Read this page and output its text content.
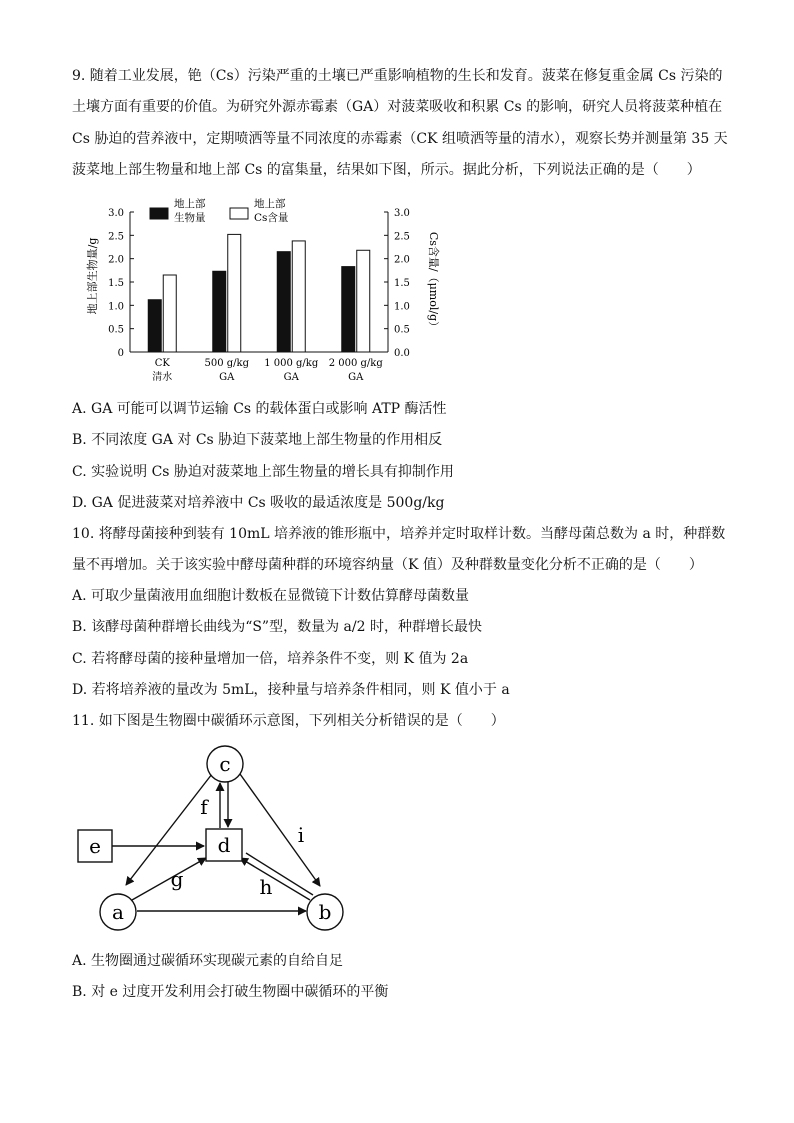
9. 随着工业发展，铯（Cs）污染严重的土壤已严重影响植物的生长和发育。菠菜在修复重金属 Cs 污染的
土壤方面有重要的价值。为研究外源赤霉素（GA）对菠菜吸收和积累 Cs 的影响，研究人员将菠菜种植在
Cs 胁迫的营养液中，定期喷洒等量不同浓度的赤霉素（CK 组喷洒等量的清水），观察长势并测量第 35 天
菠菜地上部生物量和地上部 Cs 的富集量，结果如下图，所示。据此分析，下列说法正确的是（　　）
0	0.0
0.5	0.5
1.0	1.0
1.5	1.5
2.0	2.0
2.5	2.5
3.0	3.0
CK
清水
500 g/kg
GA
1 000 g/kg
GA
2 000 g/kg
GA
地上部
生物量
地上部
Cs含量
地上部生物量/g	Cs含量/（μmol/g）
A. GA 可能可以调节运输 Cs 的载体蛋白或影响 ATP 酶活性
B. 不同浓度 GA 对 Cs 胁迫下菠菜地上部生物量的作用相反
C. 实验说明 Cs 胁迫对菠菜地上部生物量的增长具有抑制作用
D. GA 促进菠菜对培养液中 Cs 吸收的最适浓度是 500g/kg
10. 将酵母菌接种到装有 10mL 培养液的锥形瓶中，培养并定时取样计数。当酵母菌总数为 a 时，种群数
量不再增加。关于该实验中酵母菌种群的环境容纳量（K 值）及种群数量变化分析不正确的是（　　）
A. 可取少量菌液用血细胞计数板在显微镜下计数估算酵母菌数量
B. 该酵母菌种群增长曲线为“S”型，数量为 a/2 时，种群增长最快
C. 若将酵母菌的接种量增加一倍，培养条件不变，则 K 值为 2a
D. 若将培养液的量改为 5mL，接种量与培养条件相同，则 K 值小于 a
11. 如下图是生物圈中碳循环示意图，下列相关分析错误的是（　　）
c
d
e
a	b
f
g	h
i
A. 生物圈通过碳循环实现碳元素的自给自足
B. 对 e 过度开发利用会打破生物圈中碳循环的平衡
